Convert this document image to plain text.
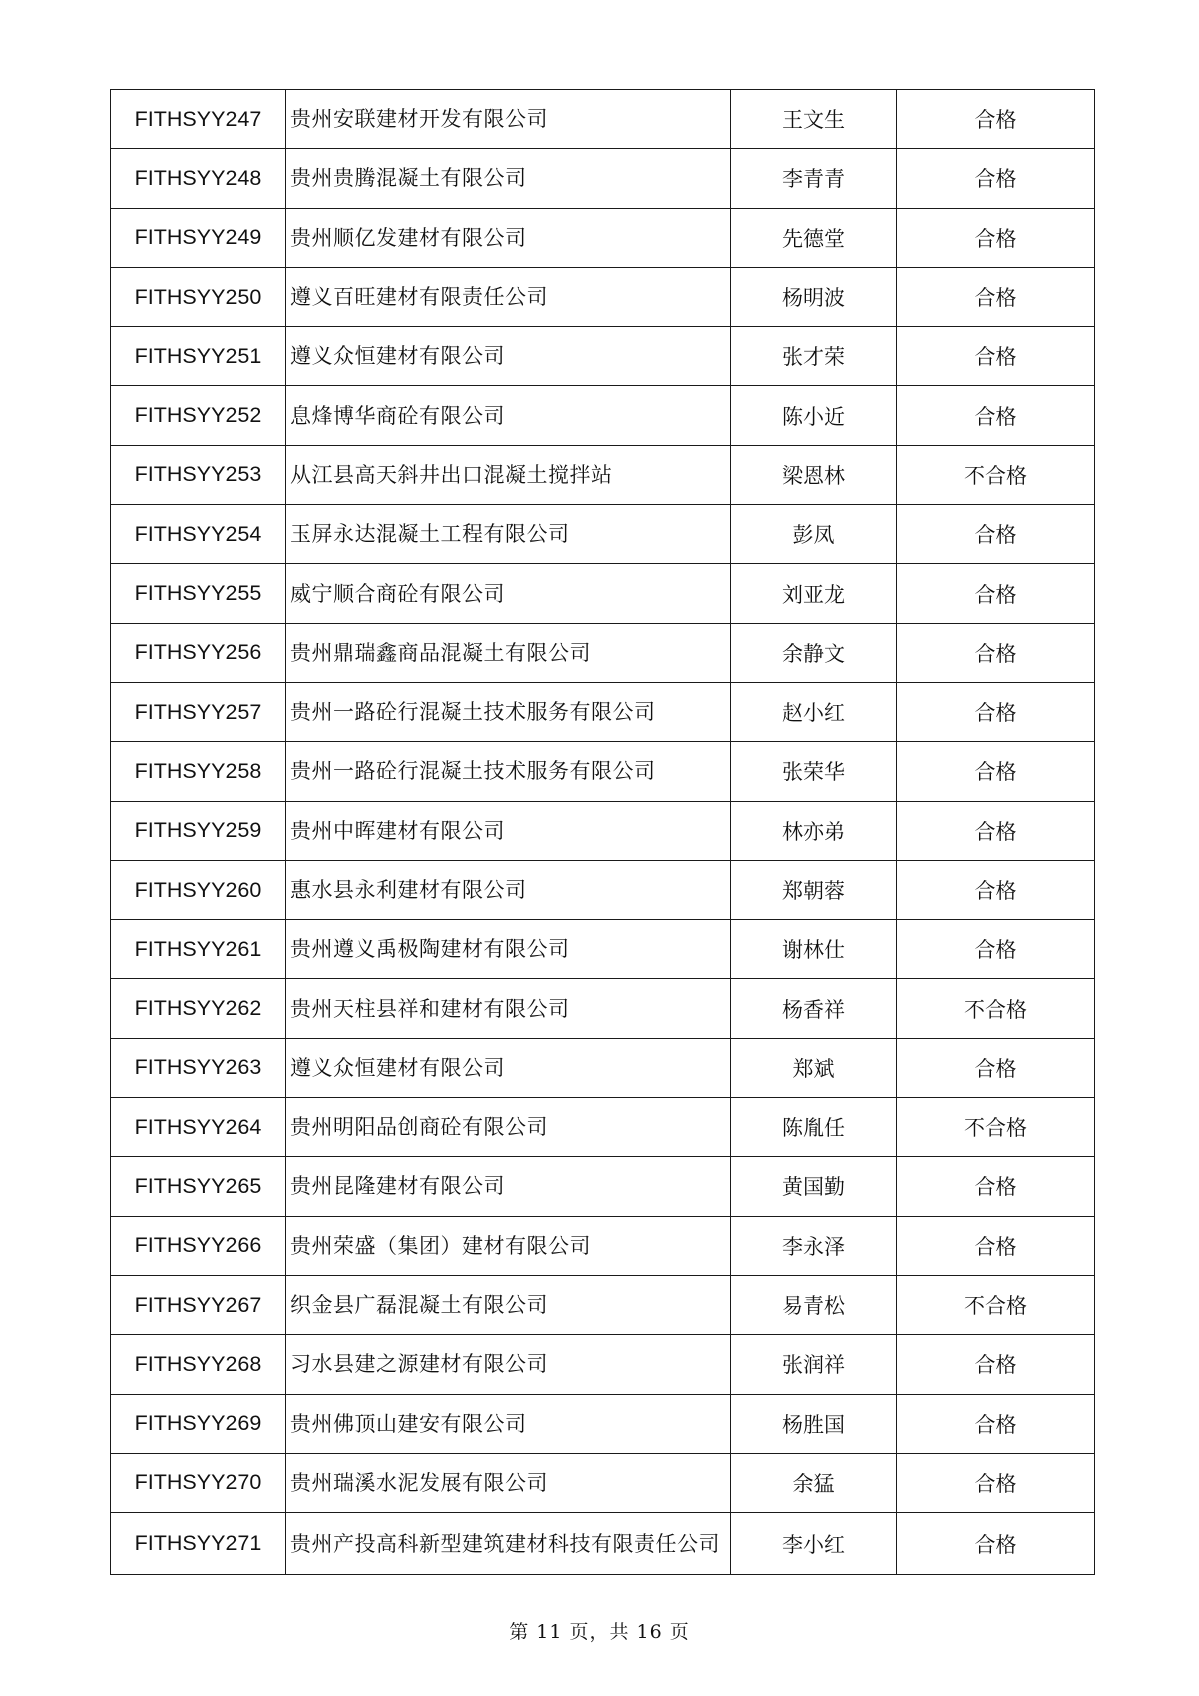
FITHSYY247	贵州安联建材开发有限公司	王文生	合格
FITHSYY248	贵州贵腾混凝土有限公司	李青青	合格
FITHSYY249	贵州顺亿发建材有限公司	先德堂	合格
FITHSYY250	遵义百旺建材有限责任公司	杨明波	合格
FITHSYY251	遵义众恒建材有限公司	张才荣	合格
FITHSYY252	息烽博华商砼有限公司	陈小近	合格
FITHSYY253	从江县高天斜井出口混凝土搅拌站	梁恩林	不合格
FITHSYY254	玉屏永达混凝土工程有限公司	彭凤	合格
FITHSYY255	威宁顺合商砼有限公司	刘亚龙	合格
FITHSYY256	贵州鼎瑞鑫商品混凝土有限公司	余静文	合格
FITHSYY257	贵州一路砼行混凝土技术服务有限公司	赵小红	合格
FITHSYY258	贵州一路砼行混凝土技术服务有限公司	张荣华	合格
FITHSYY259	贵州中晖建材有限公司	林亦弟	合格
FITHSYY260	惠水县永利建材有限公司	郑朝蓉	合格
FITHSYY261	贵州遵义禹极陶建材有限公司	谢林仕	合格
FITHSYY262	贵州天柱县祥和建材有限公司	杨香祥	不合格
FITHSYY263	遵义众恒建材有限公司	郑斌	合格
FITHSYY264	贵州明阳品创商砼有限公司	陈胤任	不合格
FITHSYY265	贵州昆隆建材有限公司	黄国勤	合格
FITHSYY266	贵州荣盛（集团）建材有限公司	李永泽	合格
FITHSYY267	织金县广磊混凝土有限公司	易青松	不合格
FITHSYY268	习水县建之源建材有限公司	张润祥	合格
FITHSYY269	贵州佛顶山建安有限公司	杨胜国	合格
FITHSYY270	贵州瑞溪水泥发展有限公司	余猛	合格
FITHSYY271	贵州产投高科新型建筑建材科技有限责任公司	李小红	合格
第 11 页，共 16 页
